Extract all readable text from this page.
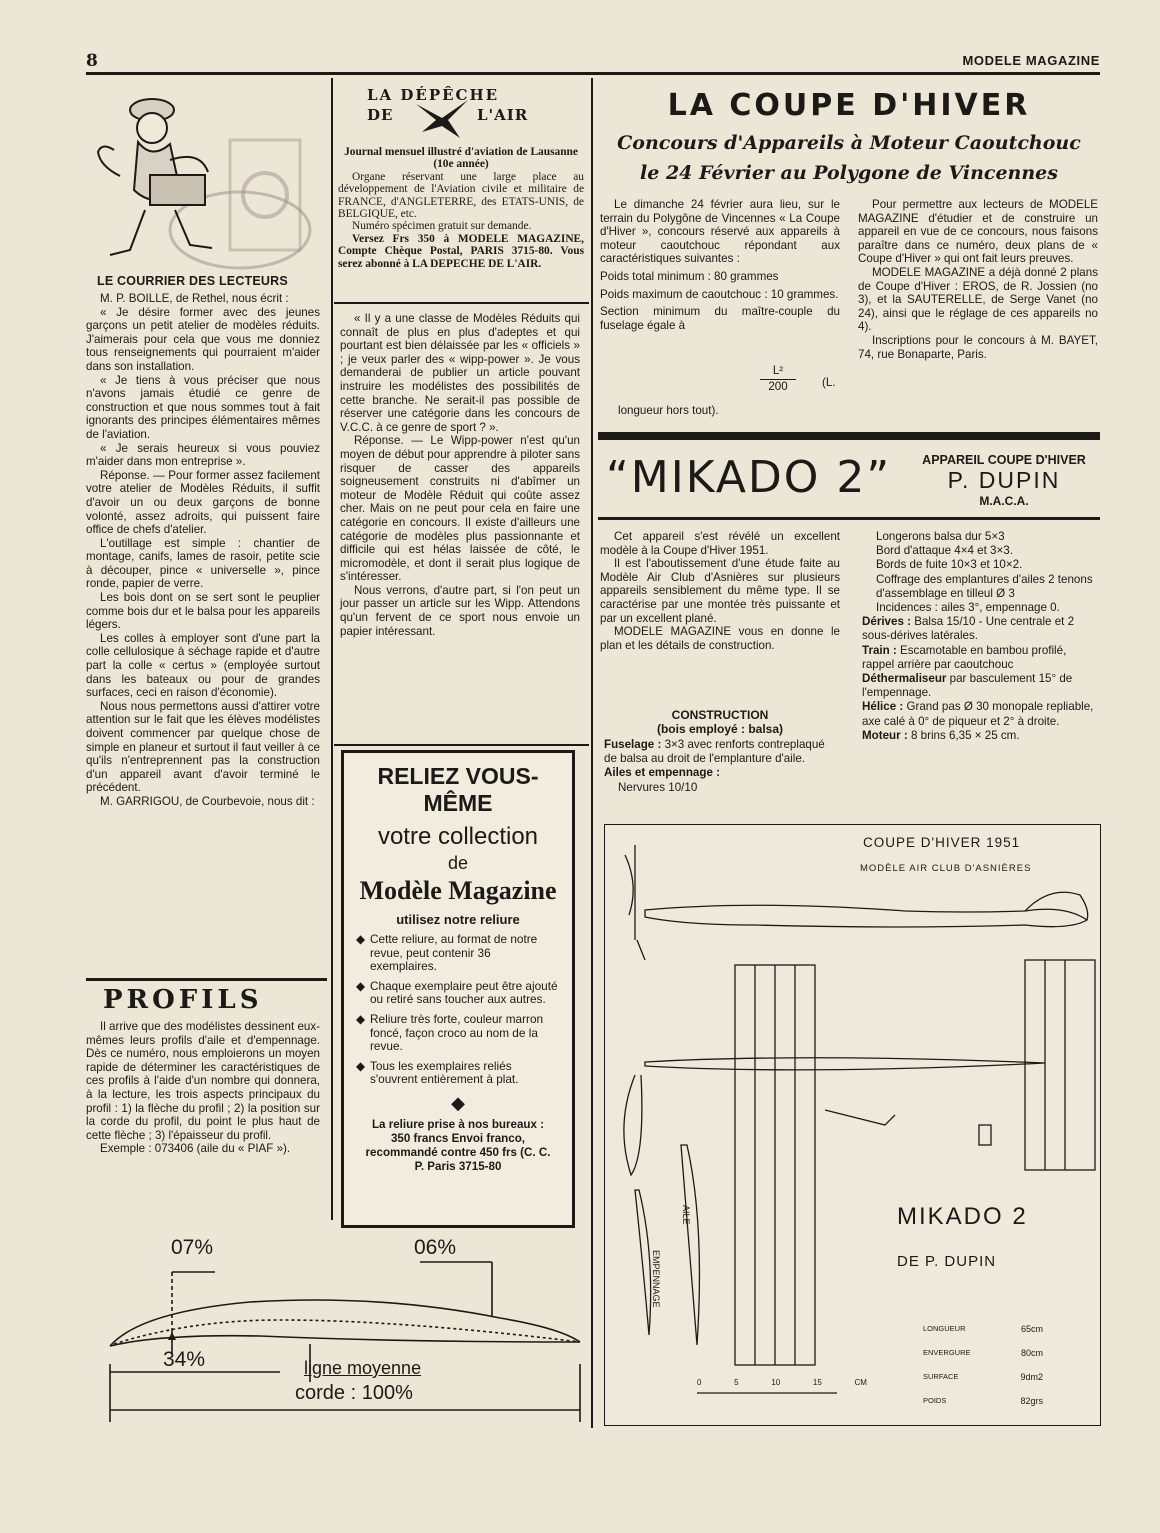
8	MODELE MAGAZINE
LE COURRIER DES LECTEURS

M. P. BOILLE, de Rethel, nous écrit :

« Je désire former avec des jeunes garçons un petit atelier de modèles réduits. J'aimerais pour cela que vous me donniez tous renseignements qui pourraient m'aider dans son installation.

« Je tiens à vous préciser que nous n'avons jamais étudié ce genre de construction et que nous sommes tout à fait ignorants des principes élémentaires mêmes de l'aviation.

« Je serais heureux si vous pouviez m'aider dans mon entreprise ».

Réponse. — Pour former assez facilement votre atelier de Modèles Réduits, il suffit d'avoir un ou deux garçons de bonne volonté, assez adroits, qui puissent faire office de chefs d'atelier.

L'outillage est simple : chantier de montage, canifs, lames de rasoir, petite scie à découper, pince « universelle », pince ronde, papier de verre.

Les bois dont on se sert sont le peuplier comme bois dur et le balsa pour les appareils légers.

Les colles à employer sont d'une part la colle cellulosique à séchage rapide et d'autre part la colle « certus » (employée surtout dans les bateaux ou pour de grandes surfaces, ceci en raison d'économie).

Nous nous permettons aussi d'attirer votre attention sur le fait que les élèves modélistes doivent commencer par quelque chose de simple en planeur et surtout il faut veiller à ce qu'ils n'entreprennent pas la construction d'un appareil avant d'avoir terminé le précédent.

M. GARRIGOU, de Courbevoie, nous dit :

PROFILS

Il arrive que des modélistes dessinent eux-mêmes leurs profils d'aile et d'empennage. Dès ce numéro, nous emploierons un moyen rapide de déterminer les caractéristiques de ces profils à l'aide d'un nombre qui donnera, à la lecture, les trois aspects principaux du profil : 1) la flèche du profil ; 2) la position sur la corde du profil, du point le plus haut de cette flèche ; 3) l'épaisseur du profil.

Exemple : 073406 (aile du « PIAF »).

07%	06%
34%	ligne moyenne
corde : 100%
LA DÉPÊCHE
DE	L'AIR
Journal mensuel illustré d'aviation de Lausanne (10e année)
Organe réservant une large place au développement de l'Aviation civile et militaire de FRANCE, d'ANGLETERRE, des ETATS-UNIS, de BELGIQUE, etc.
Numéro spécimen gratuit sur demande.
Versez Frs 350 à MODELE MAGAZINE, Compte Chèque Postal, PARIS 3715-80. Vous serez abonné à LA DEPECHE DE L'AIR.

« Il y a une classe de Modèles Réduits qui connaît de plus en plus d'adeptes et qui pourtant est bien délaissée par les « officiels » ; je veux parler des « wipp-power ». Je vous demanderai de publier un article pouvant instruire les modélistes des possibilités de cette branche. Ne serait-il pas possible de réserver une catégorie dans les concours de V.C.C. à ce genre de sport ? ».

Réponse. — Le Wipp-power n'est qu'un moyen de début pour apprendre à piloter sans risquer de casser des appareils soigneusement construits ni d'abîmer un moteur de Modèle Réduit qui coûte assez cher. Mais on ne peut pour cela en faire une catégorie en concours. Il existe d'ailleurs une catégorie de modèles plus passionnante et difficile qui est hélas laissée de côté, le micromodèle, et dont il serait plus logique de s'intéresser.

Nous verrons, d'autre part, si l'on peut un jour passer un article sur les Wipp. Attendons qu'un fervent de ce sport nous envoie un papier intéressant.

RELIEZ VOUS-MÊME
votre collection
de
Modèle Magazine
utilisez notre reliure
◆ Cette reliure, au format de notre revue, peut contenir 36 exemplaires.
◆ Chaque exemplaire peut être ajouté ou retiré sans toucher aux autres.
◆ Reliure très forte, couleur marron foncé, façon croco au nom de la revue.
◆ Tous les exemplaires reliés s'ouvrent entièrement à plat.
◆
La reliure prise à nos bureaux : 350 francs Envoi franco, recommandé contre 450 frs (C. C. P. Paris 3715-80
LA COUPE D'HIVER
Concours d'Appareils à Moteur Caoutchouc
le 24 Février au Polygone de Vincennes

Le dimanche 24 février aura lieu, sur le terrain du Polygône de Vincennes « La Coupe d'Hiver », concours réservé aux appareils à moteur caoutchouc répondant aux caractéristiques suivantes :

Poids total minimum : 80 grammes

Poids maximum de caoutchouc : 10 grammes.

Section minimum du maître-couple du fuselage égale à

$\frac{\text{L²}}{200} (L$.
longueur hors tout).

Pour permettre aux lecteurs de MODELE MAGAZINE d'étudier et de construire un appareil en vue de ce concours, nous faisons paraître dans ce numéro, deux plans de « Coupe d'Hiver » qui ont fait leurs preuves.

MODELE MAGAZINE a déjà donné 2 plans de Coupe d'Hiver : EROS, de R. Jossien (no 3), et la SAUTERELLE, de Serge Vanet (no 24), ainsi que le réglage de ces appareils no 4).

Inscriptions pour le concours à M. BAYET, 74, rue Bonaparte, Paris.

“MIKADO 2”	APPAREIL COUPE D'HIVER
P. DUPIN
M.A.C.A.

Cet appareil s'est révélé un excellent modèle à la Coupe d'Hiver 1951.

Il est l'aboutissement d'une étude faite au Modèle Air Club d'Asnières sur plusieurs appareils sensiblement du même type. Il se caractérise par une montée très puissante et par un excellent plané.

MODELE MAGAZINE vous en donne le plan et les détails de construction.

CONSTRUCTION
(bois employé : balsa)
Fuselage : 3×3 avec renforts contreplaqué de balsa au droit de l'emplanture d'aile.
Ailes et empennage :
Nervures 10/10
Longerons balsa dur 5×3
Bord d'attaque 4×4 et 3×3.
Bords de fuite 10×3 et 10×2.
Coffrage des emplantures d'ailes 2 tenons d'assemblage en tilleul Ø 3
Incidences : ailes 3°, empennage 0.
Dérives : Balsa 15/10 - Une centrale et 2 sous-dérives latérales.
Train : Escamotable en bambou profilé, rappel arrière par caoutchouc
Déthermaliseur par basculement 15° de l'empennage.
Hélice : Grand pas Ø 30 monopale repliable, axe calé à 0° de piqueur et 2° à droite.
Moteur : 8 brins 6,35 × 25 cm.
COUPE D'HIVER 1951
MODÈLE AIR CLUB D'ASNIÈRES
AILE
EMPENNAGE
MIKADO 2
DE P. DUPIN
LONGUEUR	65cm
ENVERGURE	80cm
SURFACE	9dm2
POIDS	82grs
0	5	10	15	CM
